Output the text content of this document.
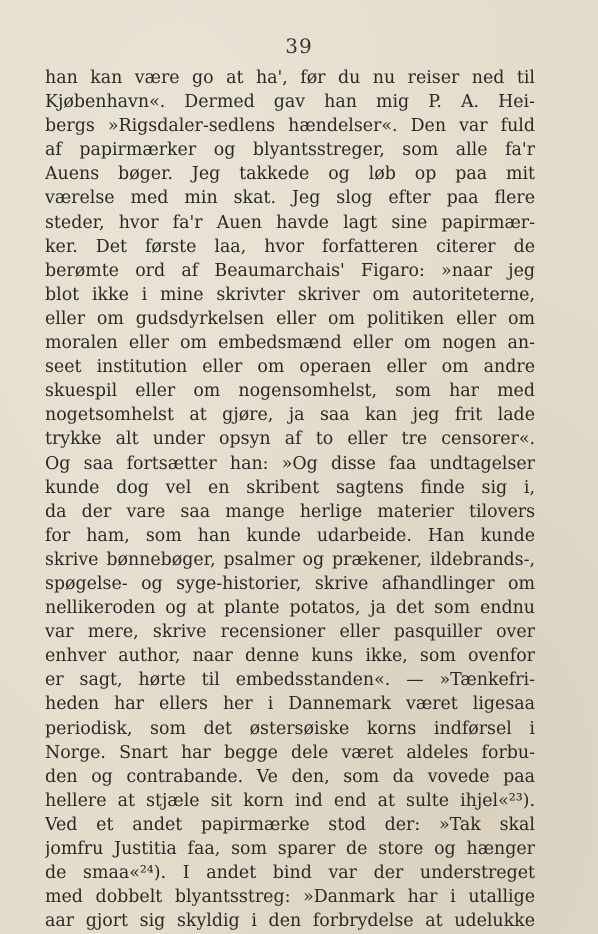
39
han kan være go at ha', før du nu reiser ned til
Kjøbenhavn«. Dermed gav han mig P. A. Hei-
bergs »Rigsdaler-sedlens hændelser«. Den var fuld
af papirmærker og blyantsstreger, som alle fa'r
Auens bøger. Jeg takkede og løb op paa mit
værelse med min skat. Jeg slog efter paa flere
steder, hvor fa'r Auen havde lagt sine papirmær-
ker. Det første laa, hvor forfatteren citerer de
berømte ord af Beaumarchais' Figaro: »naar jeg
blot ikke i mine skrivter skriver om autoriteterne,
eller om gudsdyrkelsen eller om politiken eller om
moralen eller om embedsmænd eller om nogen an-
seet institution eller om operaen eller om andre
skuespil eller om nogensomhelst, som har med
nogetsomhelst at gjøre, ja saa kan jeg frit lade
trykke alt under opsyn af to eller tre censorer«.
Og saa fortsætter han: »Og disse faa undtagelser
kunde dog vel en skribent sagtens finde sig i,
da der vare saa mange herlige materier tilovers
for ham, som han kunde udarbeide. Han kunde
skrive bønnebøger, psalmer og prækener, ildebrands-,
spøgelse- og syge-historier, skrive afhandlinger om
nellikeroden og at plante potatos, ja det som endnu
var mere, skrive recensioner eller pasquiller over
enhver author, naar denne kuns ikke, som ovenfor
er sagt, hørte til embedsstanden«. — »Tænkefri-
heden har ellers her i Dannemark været ligesaa
periodisk, som det østersøiske korns indførsel i
Norge. Snart har begge dele været aldeles forbu-
den og contrabande. Ve den, som da vovede paa
hellere at stjæle sit korn ind end at sulte ihjel«²³).
Ved et andet papirmærke stod der: »Tak skal
jomfru Justitia faa, som sparer de store og hænger
de smaa«²⁴). I andet bind var der understreget
med dobbelt blyantsstreg: »Danmark har i utallige
aar gjort sig skyldig i den forbrydelse at udelukke
